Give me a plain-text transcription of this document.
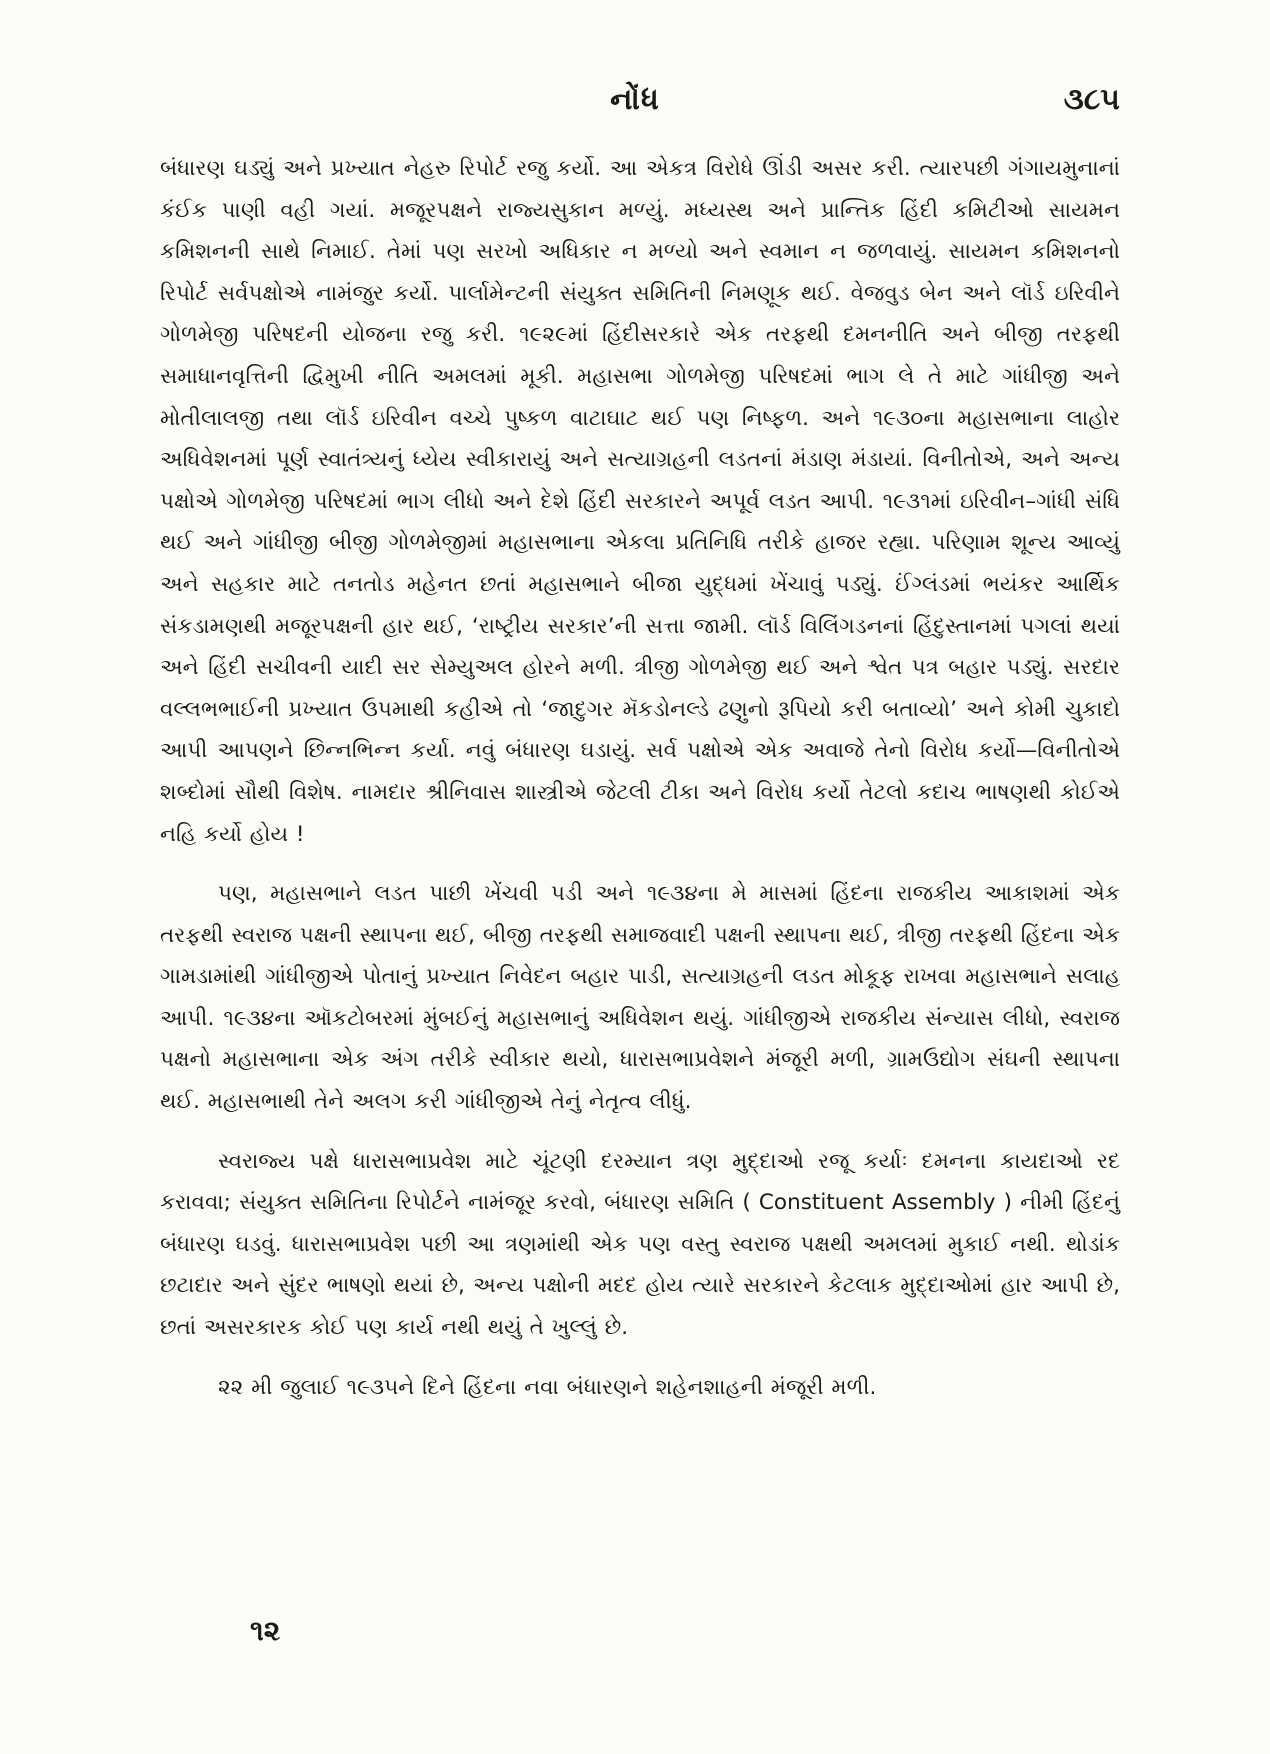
નોંધ	૩૮૫

બંધારણ ઘડ્યું અને પ્રખ્યાત નેહરુ રિપોર્ટ રજુ કર્યો. આ એકત્ર વિરોધે ઊંડી અસર કરી. ત્યારપછી ગંગાયમુનાનાં કંઈક પાણી વહી ગયાં. મજૂરપક્ષને રાજ્યસુકાન મળ્યું. મધ્યસ્થ અને પ્રાન્તિક હિંદી કમિટીઓ સાયમન કમિશનની સાથે નિમાઈ. તેમાં પણ સરખો અધિકાર ન મળ્યો અને સ્વમાન ન જળવાયું. સાયમન કમિશનનો રિપોર્ટ સર્વપક્ષોએ નામંજુર કર્યો. પાર્લામેન્ટની સંયુક્ત સમિતિની નિમણૂક થઈ. વેજવુડ બેન અને લૉર્ડ ઇરિવીને ગોળમેજી પરિષદની યોજના રજુ કરી. ૧૯૨૯માં હિંદીસરકારે એક તરફથી દમનનીતિ અને બીજી તરફથી સમાધાનવૃત્તિની દ્વિમુખી નીતિ અમલમાં મૂકી. મહાસભા ગોળમેજી પરિષદમાં ભાગ લે તે માટે ગાંધીજી અને મોતીલાલજી તથા લૉર્ડ ઇરિવીન વચ્ચે પુષ્કળ વાટાઘાટ થઈ પણ નિષ્ફળ. અને ૧૯૩૦ના મહાસભાના લાહોર અધિવેશનમાં પૂર્ણ સ્વાતંત્ર્યનું ધ્યેય સ્વીકારાયું અને સત્યાગ્રહની લડતનાં મંડાણ મંડાયાં. વિનીતોએ, અને અન્ય પક્ષોએ ગોળમેજી પરિષદમાં ભાગ લીધો અને દેશે હિંદી સરકારને અપૂર્વ લડત આપી. ૧૯૩૧માં ઇરિવીન–ગાંધી સંધિ થઈ અને ગાંધીજી બીજી ગોળમેજીમાં મહાસભાના એકલા પ્રતિનિધિ તરીકે હાજર રહ્યા. પરિણામ શૂન્ય આવ્યું અને સહકાર માટે તનતોડ મહેનત છતાં મહાસભાને બીજા યુદ્ધમાં ખેંચાવું પડ્યું. ઈંગ્લંડમાં ભયંકર આર્થિક સંકડામણથી મજૂરપક્ષની હાર થઈ, ‘રાષ્ટ્રીય સરકાર’ની સત્તા જામી. લૉર્ડ વિલિંગડનનાં હિંદુસ્તાનમાં પગલાં થયાં અને હિંદી સચીવની યાદી સર સેમ્યુઅલ હોરને મળી. ત્રીજી ગોળમેજી થઈ અને શ્વેત પત્ર બહાર પડ્યું. સરદાર વલ્લભભાઈની પ્રખ્યાત ઉપમાથી કહીએ તો ‘જાદુગર મૅકડોનલ્ડે ઢણુનો રૂપિયો કરી બતાવ્યો’ અને કોમી ચુકાદો આપી આપણને છિન્નભિન્ન કર્યા. નવું બંધારણ ઘડાયું. સર્વ પક્ષોએ એક અવાજે તેનો વિરોધ કર્યો—વિનીતોએ શબ્દોમાં સૌથી વિશેષ. નામદાર શ્રીનિવાસ શાસ્ત્રીએ જેટલી ટીકા અને વિરોધ કર્યો તેટલો કદાચ ભાષણથી કોઈએ નહિ કર્યો હોય !

પણ, મહાસભાને લડત પાછી ખેંચવી પડી અને ૧૯૩૪ના મે માસમાં હિંદના રાજકીય આકાશમાં એક તરફથી સ્વરાજ પક્ષની સ્થાપના થઈ, બીજી તરફથી સમાજવાદી પક્ષની સ્થાપના થઈ, ત્રીજી તરફથી હિંદના એક ગામડામાંથી ગાંધીજીએ પોતાનું પ્રખ્યાત નિવેદન બહાર પાડી, સત્યાગ્રહની લડત મોકૂફ રાખવા મહાસભાને સલાહ આપી. ૧૯૩૪ના ઑકટોબરમાં મુંબઈનું મહાસભાનું અધિવેશન થયું. ગાંધીજીએ રાજકીય સંન્યાસ લીધો, સ્વરાજ પક્ષનો મહાસભાના એક અંગ તરીકે સ્વીકાર થયો, ધારાસભાપ્રવેશને મંજૂરી મળી, ગ્રામઉદ્યોગ સંઘની સ્થાપના થઈ. મહાસભાથી તેને અલગ કરી ગાંધીજીએ તેનું નેતૃત્વ લીધું.

સ્વરાજ્ય પક્ષે ધારાસભાપ્રવેશ માટે ચૂંટણી દરમ્યાન ત્રણ મુદ્દાઓ રજૂ કર્યાઃ દમનના કાયદાઓ રદ કરાવવા; સંયુક્ત સમિતિના રિપોર્ટને નામંજૂર કરવો, બંધારણ સમિતિ ( Constituent Assembly ) નીમી હિંદનું બંધારણ ઘડવું. ધારાસભાપ્રવેશ પછી આ ત્રણમાંથી એક પણ વસ્તુ સ્વરાજ પક્ષથી અમલમાં મુકાઈ નથી. થોડાંક છટાદાર અને સુંદર ભાષણો થયાં છે, અન્ય પક્ષોની મદદ હોય ત્યારે સરકારને કેટલાક મુદ્દાઓમાં હાર આપી છે, છતાં અસરકારક કોઈ પણ કાર્ય નથી થયું તે ખુલ્લું છે.

૨૨ મી જુલાઈ ૧૯૩૫ને દિને હિંદના નવા બંધારણને શહેનશાહની મંજૂરી મળી.

૧૨
